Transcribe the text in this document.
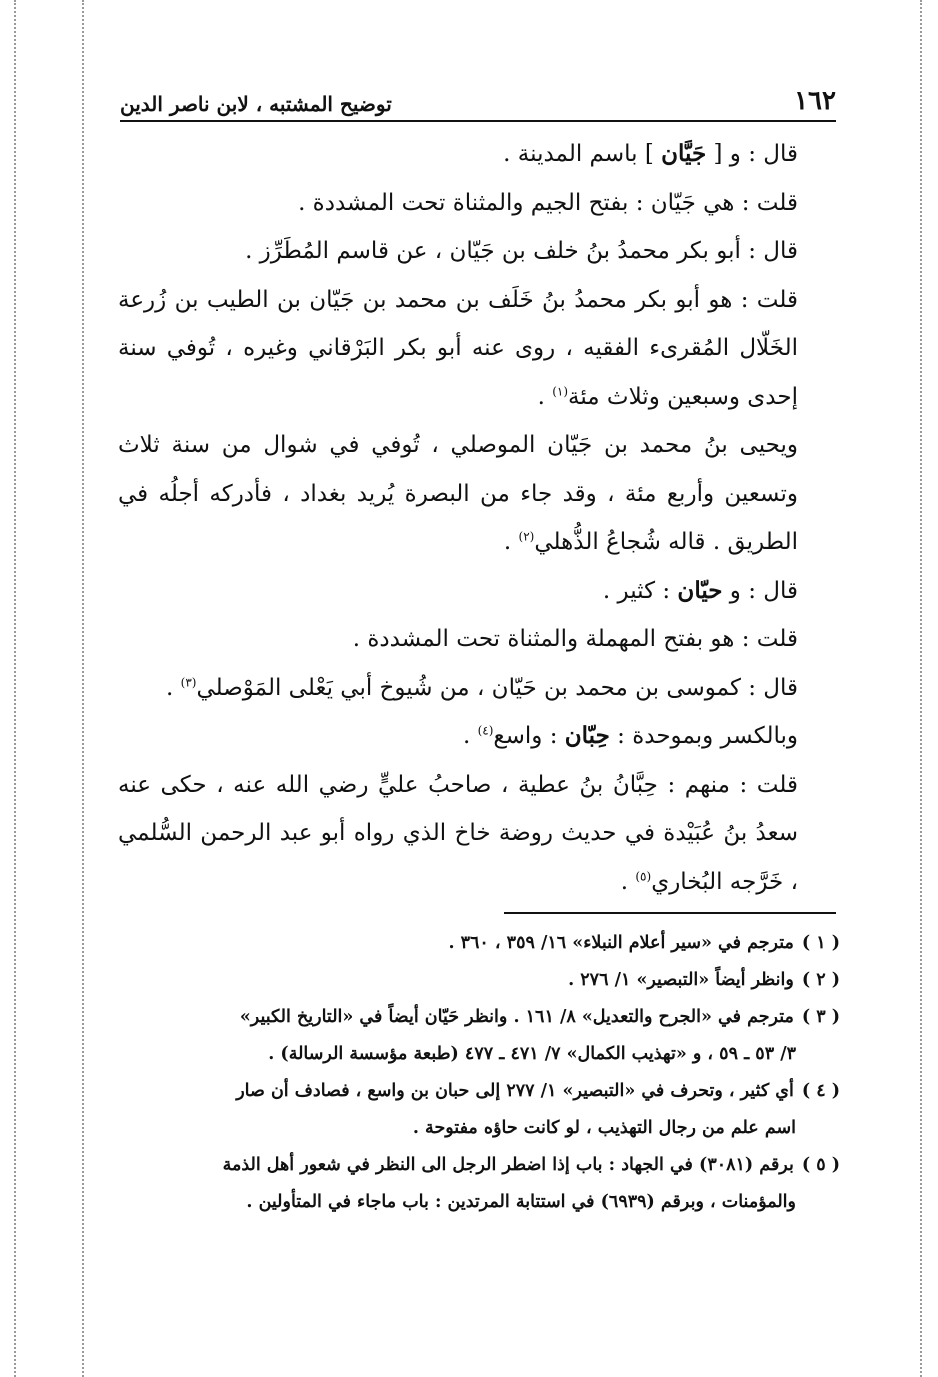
١٦٢
توضيح المشتبه ، لابن ناصر الدين

قال : و [ جَيَّان ] باسم المدينة .

قلت : هي جَيّان : بفتح الجيم والمثناة تحت المشددة .

قال : أبو بكر محمدُ بنُ خلف بن جَيّان ، عن قاسم المُطَرِّز .

قلت : هو أبو بكر محمدُ بنُ خَلَف بن محمد بن جَيّان بن الطيب بن زُرعة الخَلّال المُقرىء الفقيه ، روى عنه أبو بكر البَرْقاني وغيره ، تُوفي سنة إحدى وسبعين وثلاث مئة$^{(١)}$ .

ويحيى بنُ محمد بن جَيّان الموصلي ، تُوفي في شوال من سنة ثلاث وتسعين وأربع مئة ، وقد جاء من البصرة يُريد بغداد ، فأدركه أجلُه في الطريق . قاله شُجاعُ الذُّهلي$^{(٢)}$ .

قال : و حيّان : كثير .

قلت : هو بفتح المهملة والمثناة تحت المشددة .

قال : كموسى بن محمد بن حَيّان ، من شُيوخ أبي يَعْلى المَوْصلي$^{(٣)}$ .

وبالكسر وبموحدة : حِبّان : واسع$^{(٤)}$ .

قلت : منهم : حِبَّانُ بنُ عطية ، صاحبُ عليٍّ رضي الله عنه ، حكى عنه سعدُ بنُ عُبَيْدة في حديث روضة خاخ الذي رواه أبو عبد الرحمن السُّلمي ، خَرَّجه البُخاري$^{(٥)}$ .

( ١ )مترجم في «سير أعلام النبلاء» ١٦/ ٣٥٩ ، ٣٦٠ .

( ٢ )وانظر أيضاً «التبصير» ١/ ٢٧٦ .

( ٣ )مترجم في «الجرح والتعديل» ٨/ ١٦١ . وانظر حَيّان أيضاً في «التاريخ الكبير»
٣/ ٥٣ ـ ٥٩ ، و «تهذيب الكمال» ٧/ ٤٧١ ـ ٤٧٧ (طبعة مؤسسة الرسالة) .

( ٤ )أي كثير ، وتحرف في «التبصير» ١/ ٢٧٧ إلى حبان بن واسع ، فصادف أن صار
اسم علم من رجال التهذيب ، لو كانت حاؤه مفتوحة .

( ٥ )برقم (٣٠٨١) في الجهاد : باب إذا اضطر الرجل الى النظر في شعور أهل الذمة
والمؤمنات ، وبرقم (٦٩٣٩) في استتابة المرتدين : باب ماجاء في المتأولين .
